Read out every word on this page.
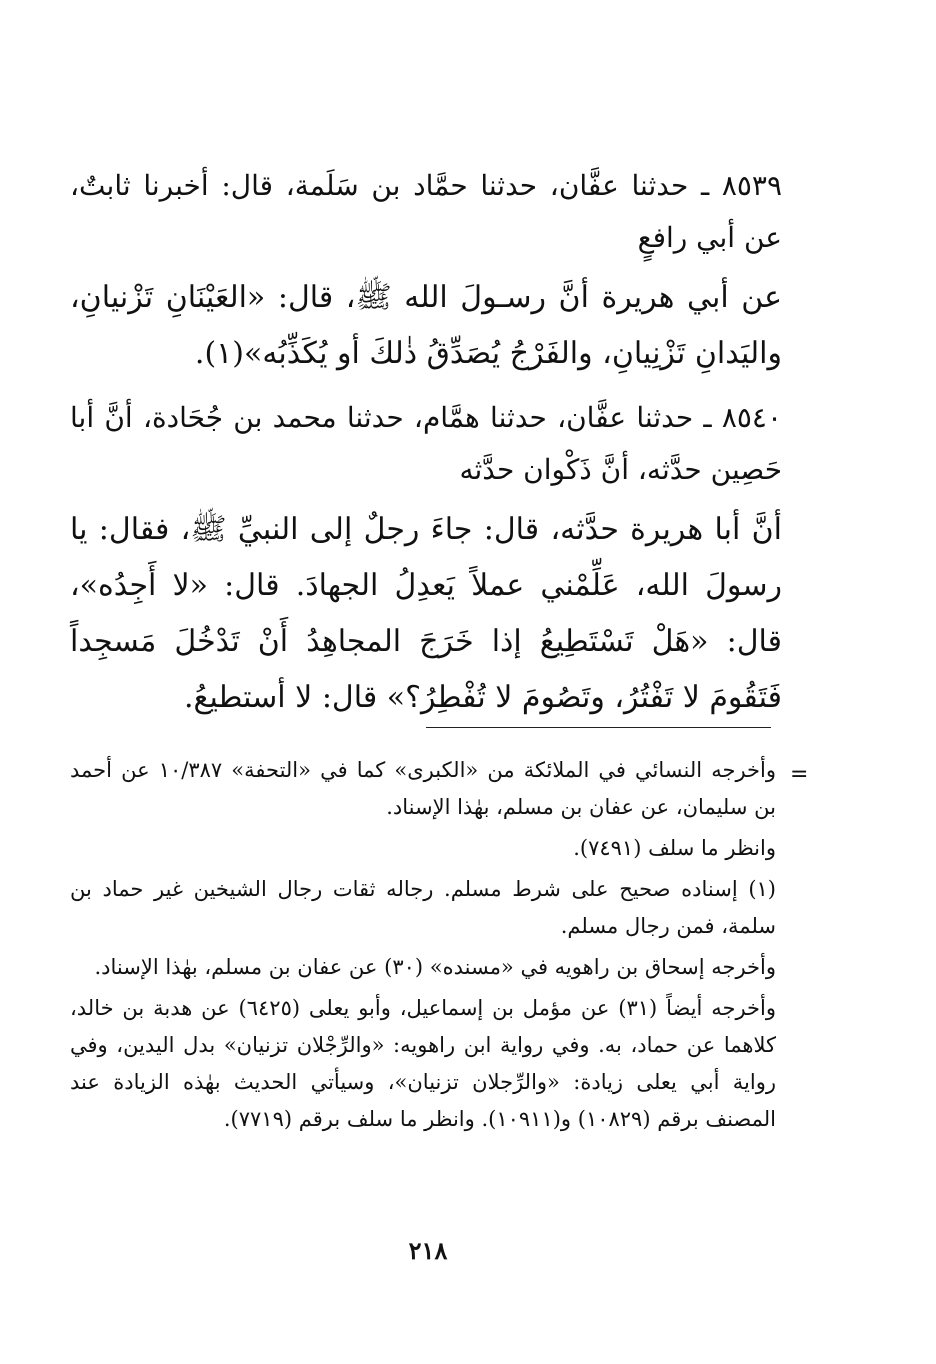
٨٥٣٩ ـ حدثنا عفَّان، حدثنا حمَّاد بن سَلَمة، قال: أخبرنا ثابتٌ، عن أبي رافعٍ

عن أبي هريرة أنَّ رسـولَ الله ﷺ، قال: «العَيْنَانِ تَزْنيانِ، واليَدانِ تَزْنِيانِ، والفَرْجُ يُصَدِّقُ ذٰلكَ أو يُكَذِّبُه»(١).

٨٥٤٠ ـ حدثنا عفَّان، حدثنا همَّام، حدثنا محمد بن جُحَادة، أنَّ أبا حَصِين حدَّثه، أنَّ ذَكْوان حدَّثه

أنَّ أبا هريرة حدَّثه، قال: جاءَ رجلٌ إلى النبيِّ ﷺ، فقال: يا رسولَ الله، عَلِّمْني عملاً يَعدِلُ الجهادَ. قال: «لا أَجِدُه»، قال: «هَلْ تَسْتَطِيعُ إذا خَرَجَ المجاهِدُ أَنْ تَدْخُلَ مَسجِداً فَتَقُومَ لا تَفْتُرُ، وتَصُومَ لا تُفْطِرُ؟» قال: لا أستطيعُ.

=

وأخرجه النسائي في الملائكة من «الكبرى» كما في «التحفة» ١٠/٣٨٧ عن أحمد بن سليمان، عن عفان بن مسلم، بهٰذا الإسناد.

وانظر ما سلف (٧٤٩١).

(١) إسناده صحيح على شرط مسلم. رجاله ثقات رجال الشيخين غير حماد بن سلمة، فمن رجال مسلم.

وأخرجه إسحاق بن راهويه في «مسنده» (٣٠) عن عفان بن مسلم، بهٰذا الإسناد.

وأخرجه أيضاً (٣١) عن مؤمل بن إسماعيل، وأبو يعلى (٦٤٢٥) عن هدبة بن خالد، كلاهما عن حماد، به. وفي رواية ابن راهويه: «والرِّجْلان تزنيان» بدل اليدين، وفي رواية أبي يعلى زيادة: «والرِّجلان تزنيان»، وسيأتي الحديث بهٰذه الزيادة عند المصنف برقم (١٠٨٢٩) و(١٠٩١١). وانظر ما سلف برقم (٧٧١٩).

٢١٨
